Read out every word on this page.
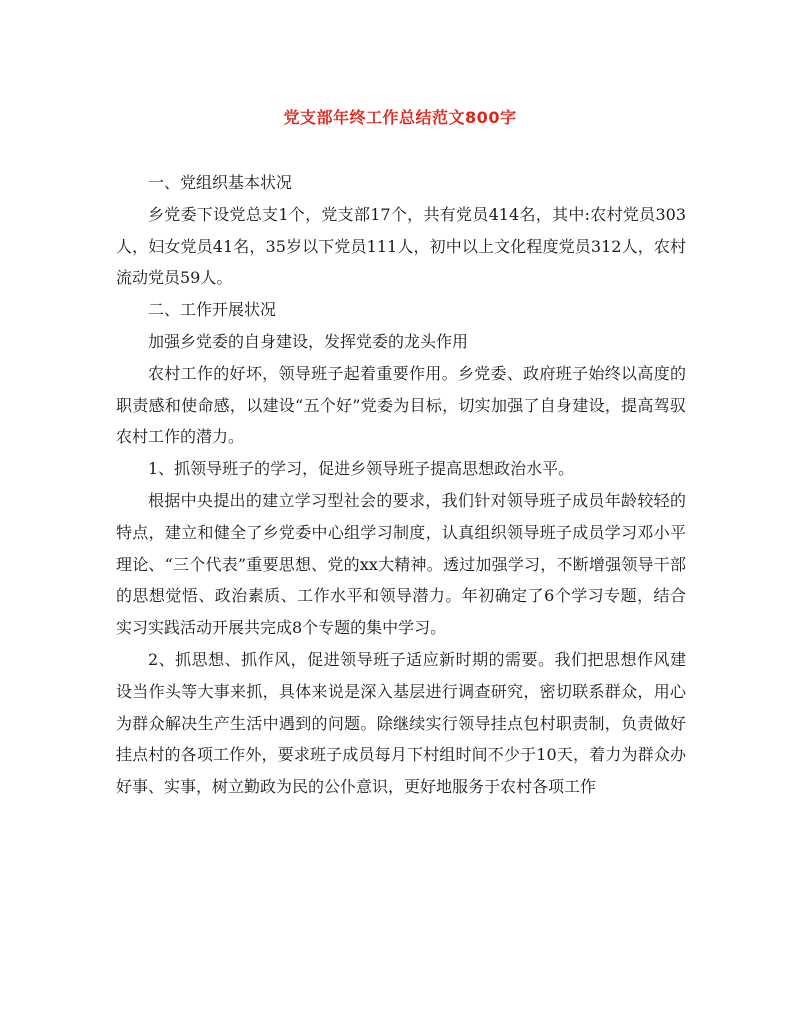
党支部年终工作总结范文800字

一、党组织基本状况

乡党委下设党总支1个，党支部17个，共有党员414名，其中:农村党员303人，妇女党员41名，35岁以下党员111人，初中以上文化程度党员312人，农村流动党员59人。

二、工作开展状况

加强乡党委的自身建设，发挥党委的龙头作用

农村工作的好坏，领导班子起着重要作用。乡党委、政府班子始终以高度的职责感和使命感，以建设“五个好”党委为目标，切实加强了自身建设，提高驾驭农村工作的潜力。

1、抓领导班子的学习，促进乡领导班子提高思想政治水平。

根据中央提出的建立学习型社会的要求，我们针对领导班子成员年龄较轻的特点，建立和健全了乡党委中心组学习制度，认真组织领导班子成员学习邓小平理论、“三个代表”重要思想、党的xx大精神。透过加强学习，不断增强领导干部的思想觉悟、政治素质、工作水平和领导潜力。年初确定了6个学习专题，结合实习实践活动开展共完成8个专题的集中学习。

2、抓思想、抓作风，促进领导班子适应新时期的需要。我们把思想作风建设当作头等大事来抓，具体来说是深入基层进行调查研究，密切联系群众，用心为群众解决生产生活中遇到的问题。除继续实行领导挂点包村职责制，负责做好挂点村的各项工作外，要求班子成员每月下村组时间不少于10天，着力为群众办好事、实事，树立勤政为民的公仆意识，更好地服务于农村各项工作
